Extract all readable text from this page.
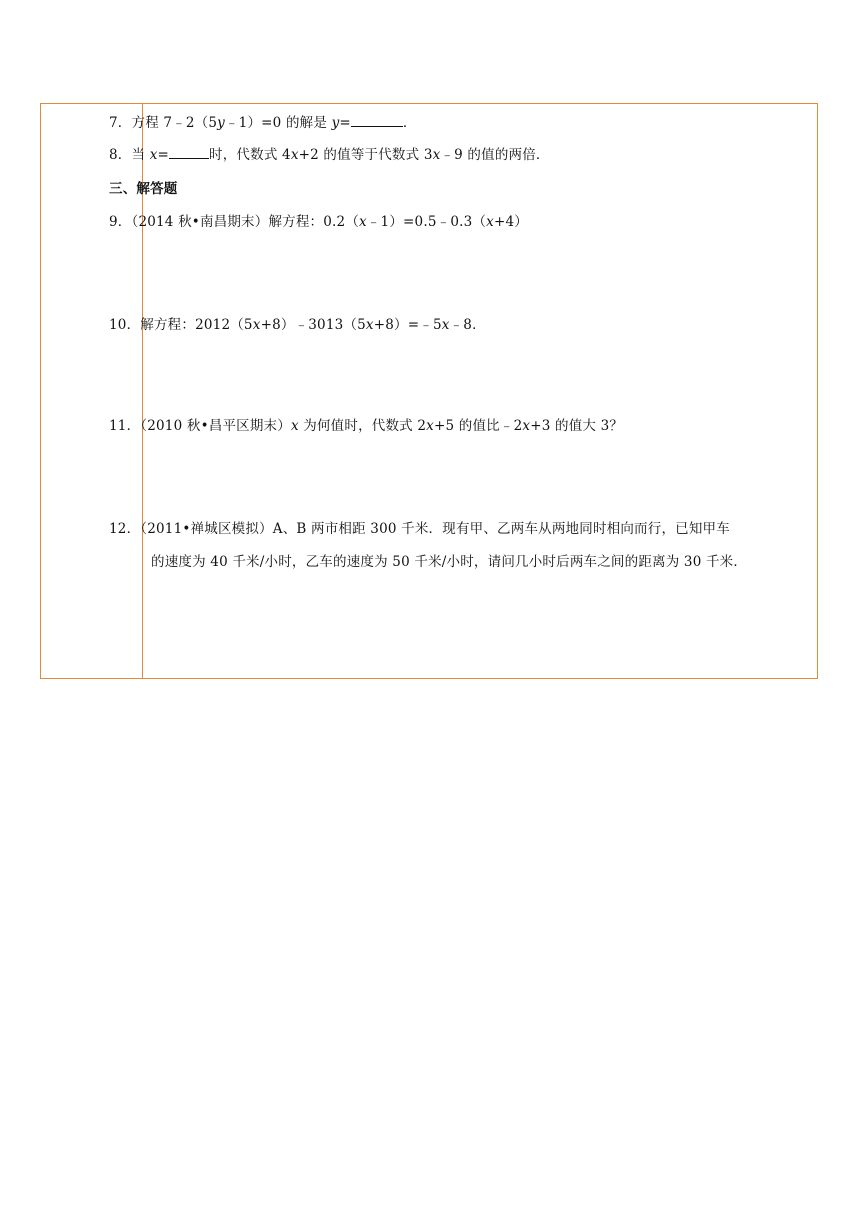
7．方程 7﹣2（5y﹣1）=0 的解是 y=	．
8．当 x=	时，代数式 4x+2 的值等于代数式 3x﹣9 的值的两倍．
三、解答题
9．（2014 秋•南昌期末）解方程：0.2（x﹣1）=0.5﹣0.3（x+4）
10．解方程：2012（5x+8）﹣3013（5x+8）=﹣5x﹣8．
11．（2010 秋•昌平区期末）x 为何值时，代数式 2x+5 的值比﹣2x+3 的值大 3？
12．（2011•禅城区模拟）A、B 两市相距 300 千米．现有甲、乙两车从两地同时相向而行，已知甲车
的速度为 40 千米/小时，乙车的速度为 50 千米/小时，请问几小时后两车之间的距离为 30 千米．
